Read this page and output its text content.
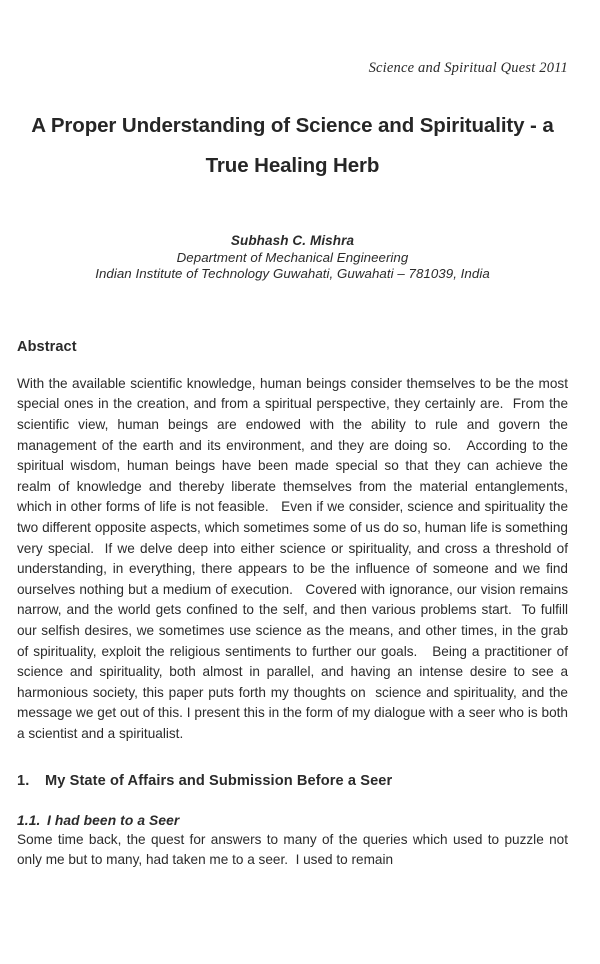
Science and Spiritual Quest 2011
A Proper Understanding of Science and Spirituality - a
True Healing Herb
Subhash C. Mishra
Department of Mechanical Engineering
Indian Institute of Technology Guwahati, Guwahati – 781039, India
Abstract
With the available scientific knowledge, human beings consider themselves to be the most special ones in the creation, and from a spiritual perspective, they certainly are.  From the scientific view, human beings are endowed with the ability to rule and govern the management of the earth and its environment, and they are doing so.   According to the spiritual wisdom, human beings have been made special so that they can achieve the realm of knowledge and thereby liberate themselves from the material entanglements, which in other forms of life is not feasible.   Even if we consider, science and spirituality the two different opposite aspects, which sometimes some of us do so, human life is something very special.  If we delve deep into either science or spirituality, and cross a threshold of understanding, in everything, there appears to be the influence of someone and we find ourselves nothing but a medium of execution.   Covered with ignorance, our vision remains narrow, and the world gets confined to the self, and then various problems start.  To fulfill our selfish desires, we sometimes use science as the means, and other times, in the grab of spirituality, exploit the religious sentiments to further our goals.   Being a practitioner of science and spirituality, both almost in parallel, and having an intense desire to see a harmonious society, this paper puts forth my thoughts on  science and spirituality, and the message we get out of this. I present this in the form of my dialogue with a seer who is both a scientist and a spiritualist.
1.	My State of Affairs and Submission Before a Seer
1.1. I had been to a Seer
Some time back, the quest for answers to many of the queries which used to puzzle not only me but to many, had taken me to a seer.  I used to remain
